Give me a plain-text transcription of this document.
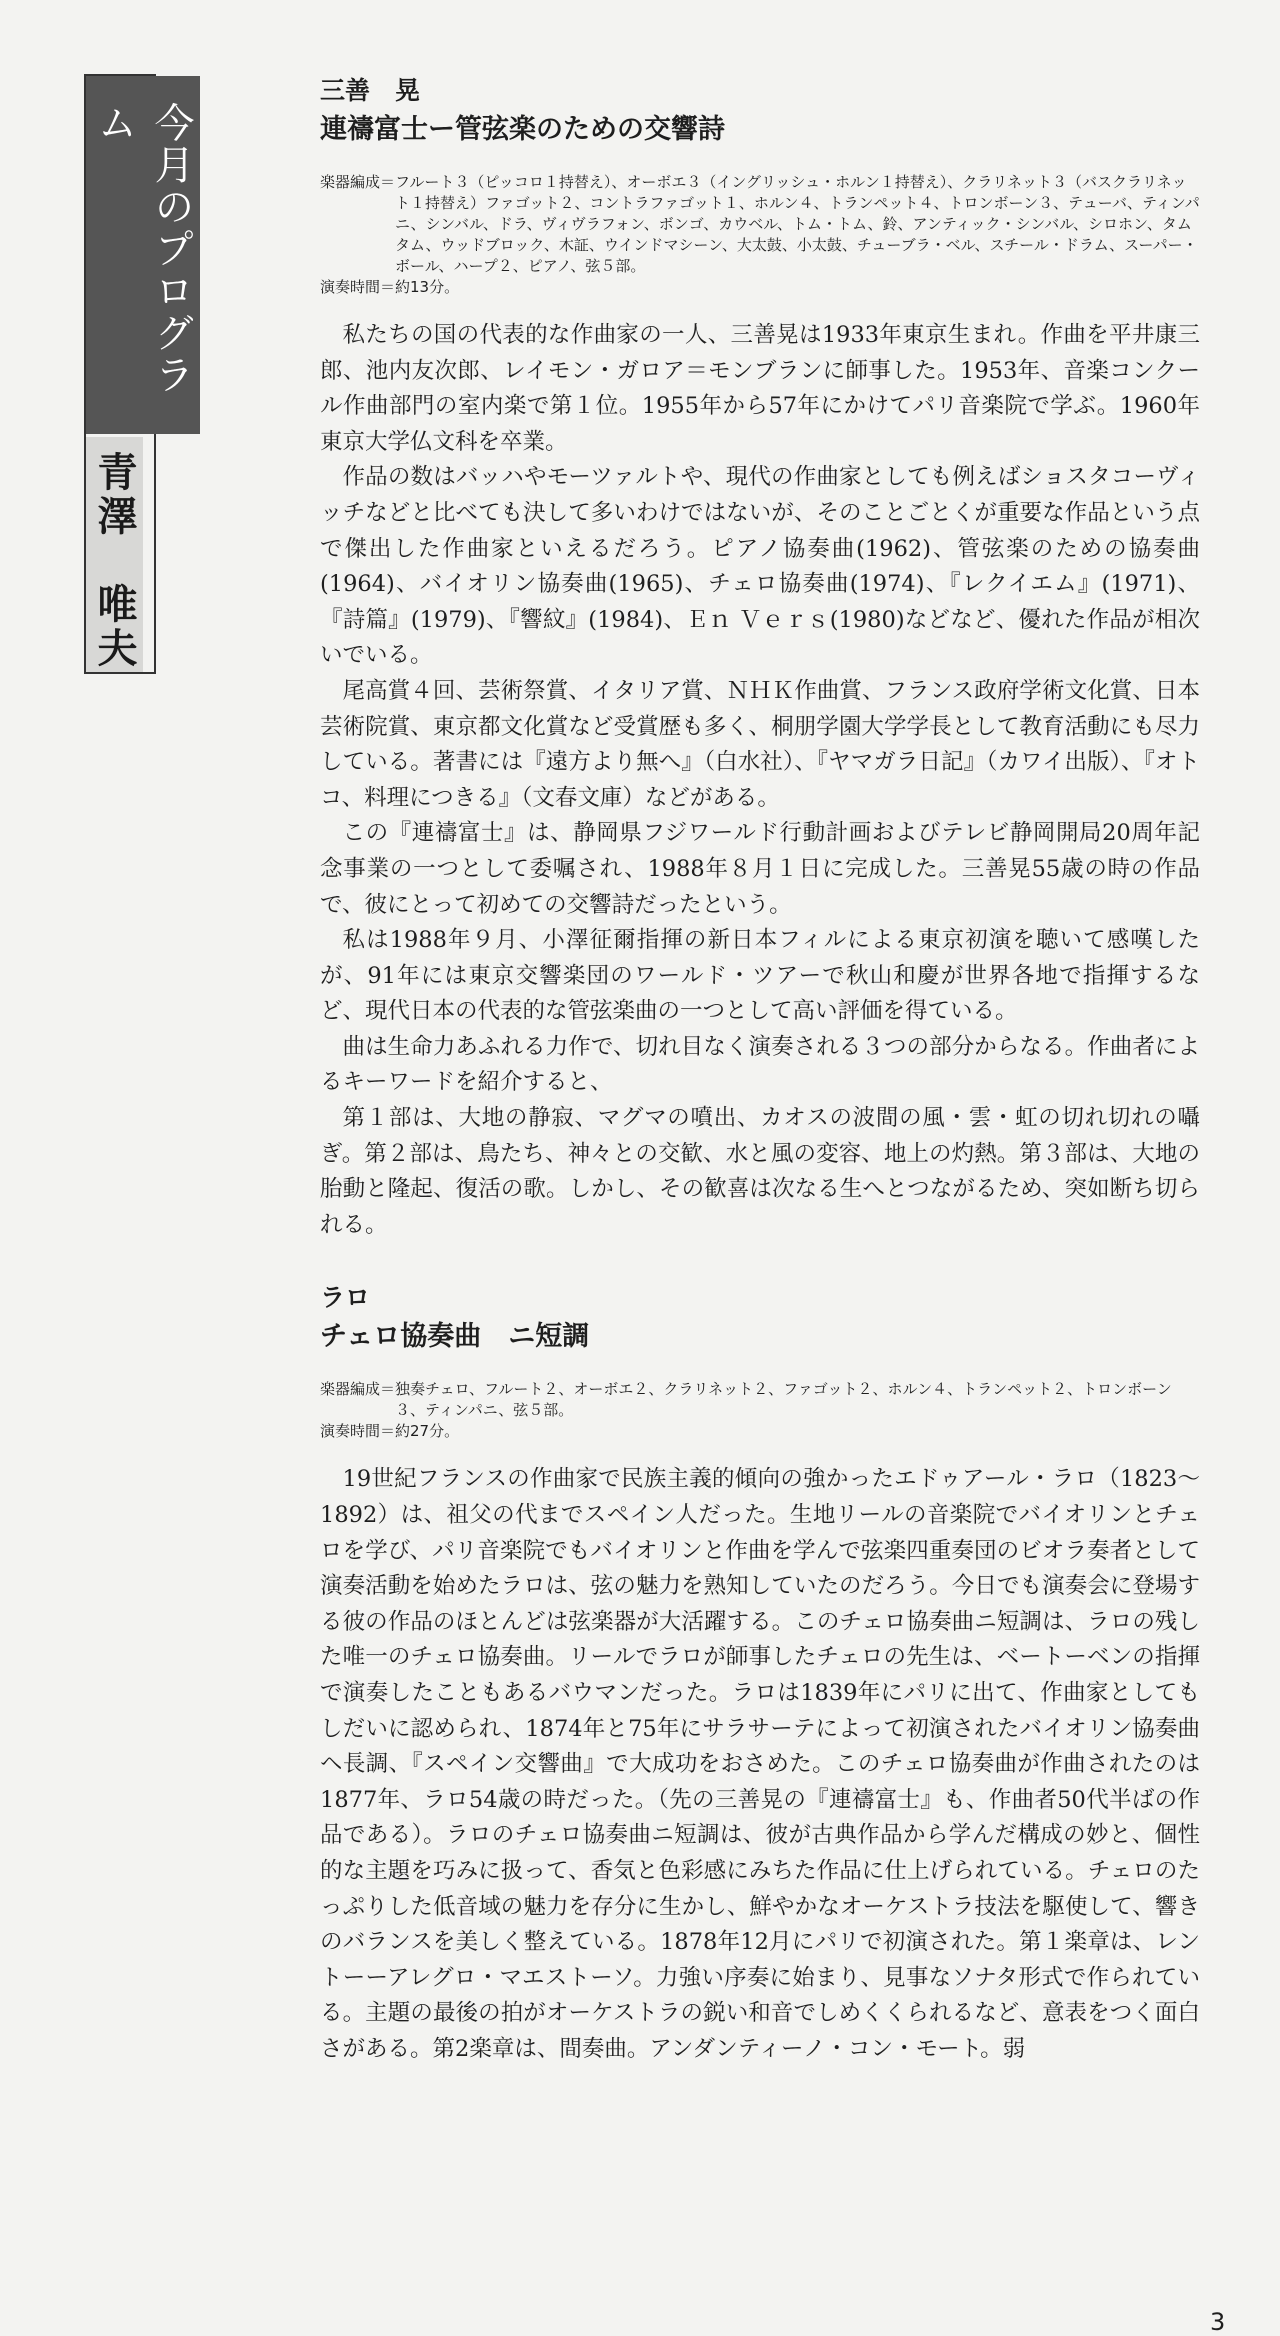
今月のプログラム
青澤　唯夫
三善　晃
連禱富士ー管弦楽のための交響詩
楽器編成＝ フルート３（ピッコロ１持替え）、オーボエ３（イングリッシュ・ホルン１持替え）、クラリネット３（バスクラリネット１持替え）ファゴット２、コントラファゴット１、ホルン４、トランペット４、トロンボーン３、テューバ、ティンパニ、シンバル、ドラ、ヴィヴラフォン、ボンゴ、カウベル、トム・トム、鈴、アンティック・シンバル、シロホン、タムタム、ウッドブロック、木証、ウインドマシーン、大太鼓、小太鼓、チューブラ・ベル、スチール・ドラム、スーパー・ボール、ハープ２、ピアノ、弦５部。
演奏時間＝約13分。

私たちの国の代表的な作曲家の一人、三善晃は1933年東京生まれ。作曲を平井康三郎、池内友次郎、レイモン・ガロア＝モンブランに師事した。1953年、音楽コンクール作曲部門の室内楽で第１位。1955年から57年にかけてパリ音楽院で学ぶ。1960年東京大学仏文科を卒業。

作品の数はバッハやモーツァルトや、現代の作曲家としても例えばショスタコーヴィッチなどと比べても決して多いわけではないが、そのことごとくが重要な作品という点で傑出した作曲家といえるだろう。ピアノ協奏曲(1962)、管弦楽のための協奏曲(1964)、バイオリン協奏曲(1965)、チェロ協奏曲(1974)、『レクイエム』(1971)、『詩篇』(1979)、『響紋』(1984)、Ｅｎ Ｖｅｒｓ(1980)などなど、優れた作品が相次いでいる。

尾高賞４回、芸術祭賞、イタリア賞、ＮＨＫ作曲賞、フランス政府学術文化賞、日本芸術院賞、東京都文化賞など受賞歴も多く、桐朋学園大学学長として教育活動にも尽力している。著書には『遠方より無へ』（白水社）、『ヤマガラ日記』（カワイ出版）、『オトコ、料理につきる』（文春文庫）などがある。

この『連禱富士』は、静岡県フジワールド行動計画およびテレビ静岡開局20周年記念事業の一つとして委嘱され、1988年８月１日に完成した。三善晃55歳の時の作品で、彼にとって初めての交響詩だったという。

私は1988年９月、小澤征爾指揮の新日本フィルによる東京初演を聴いて感嘆したが、91年には東京交響楽団のワールド・ツアーで秋山和慶が世界各地で指揮するなど、現代日本の代表的な管弦楽曲の一つとして高い評価を得ている。

曲は生命力あふれる力作で、切れ目なく演奏される３つの部分からなる。作曲者によるキーワードを紹介すると、

第１部は、大地の静寂、マグマの噴出、カオスの波間の風・雲・虹の切れ切れの囁ぎ。第２部は、鳥たち、神々との交歓、水と風の変容、地上の灼熱。第３部は、大地の胎動と隆起、復活の歌。しかし、その歓喜は次なる生へとつながるため、突如断ち切られる。

ラロ
チェロ協奏曲　ニ短調
楽器編成＝ 独奏チェロ、フルート２、オーボエ２、クラリネット２、ファゴット２、ホルン４、トランペット２、トロンボーン３、ティンパニ、弦５部。
演奏時間＝約27分。

19世紀フランスの作曲家で民族主義的傾向の強かったエドゥアール・ラロ（1823～1892）は、祖父の代までスペイン人だった。生地リールの音楽院でバイオリンとチェロを学び、パリ音楽院でもバイオリンと作曲を学んで弦楽四重奏団のビオラ奏者として演奏活動を始めたラロは、弦の魅力を熟知していたのだろう。今日でも演奏会に登場する彼の作品のほとんどは弦楽器が大活躍する。このチェロ協奏曲ニ短調は、ラロの残した唯一のチェロ協奏曲。リールでラロが師事したチェロの先生は、ベートーベンの指揮で演奏したこともあるバウマンだった。ラロは1839年にパリに出て、作曲家としてもしだいに認められ、1874年と75年にサラサーテによって初演されたバイオリン協奏曲ヘ長調、『スペイン交響曲』で大成功をおさめた。このチェロ協奏曲が作曲されたのは1877年、ラロ54歳の時だった。（先の三善晃の『連禱富士』も、作曲者50代半ばの作品である）。ラロのチェロ協奏曲ニ短調は、彼が古典作品から学んだ構成の妙と、個性的な主題を巧みに扱って、香気と色彩感にみちた作品に仕上げられている。チェロのたっぷりした低音域の魅力を存分に生かし、鮮やかなオーケストラ技法を駆使して、響きのバランスを美しく整えている。1878年12月にパリで初演された。第１楽章は、レントーーアレグロ・マエストーソ。力強い序奏に始まり、見事なソナタ形式で作られている。主題の最後の拍がオーケストラの鋭い和音でしめくくられるなど、意表をつく面白さがある。第2楽章は、間奏曲。アンダンティーノ・コン・モート。弱

3
